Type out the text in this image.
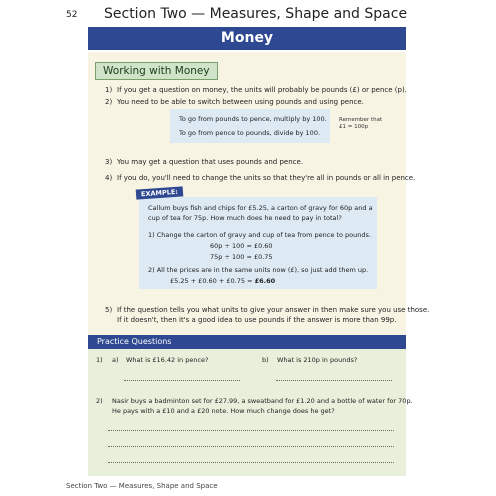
52 Section Two — Measures, Shape and Space
Money
Working with Money
1) If you get a question on money, the units will probably be pounds (£) or pence (p).
2) You need to be able to switch between using pounds and using pence.
To go from pounds to pence, multiply by 100.
To go from pence to pounds, divide by 100.
Remember that
£1 = 100p
3) You may get a question that uses pounds and pence.
4) If you do, you'll need to change the units so that they're all in pounds or all in pence.
EXAMPLE:
Callum buys fish and chips for £5.25, a carton of gravy for 60p and a
cup of tea for 75p. How much does he need to pay in total?
1) Change the carton of gravy and cup of tea from pence to pounds.
60p ÷ 100 = £0.60
75p ÷ 100 = £0.75
2) All the prices are in the same units now (£), so just add them up.
£5.25 + £0.60 + £0.75 = £6.60
5) If the question tells you what units to give your answer in then make sure you use those.
If it doesn't, then it's a good idea to use pounds if the answer is more than 99p.
Practice Questions
1) a) What is £16.42 in pence?	b) What is 210p in pounds?
2) Nasir buys a badminton set for £27.99, a sweatband for £1.20 and a bottle of water for 70p.
He pays with a £10 and a £20 note. How much change does he get?
Section Two — Measures, Shape and Space
